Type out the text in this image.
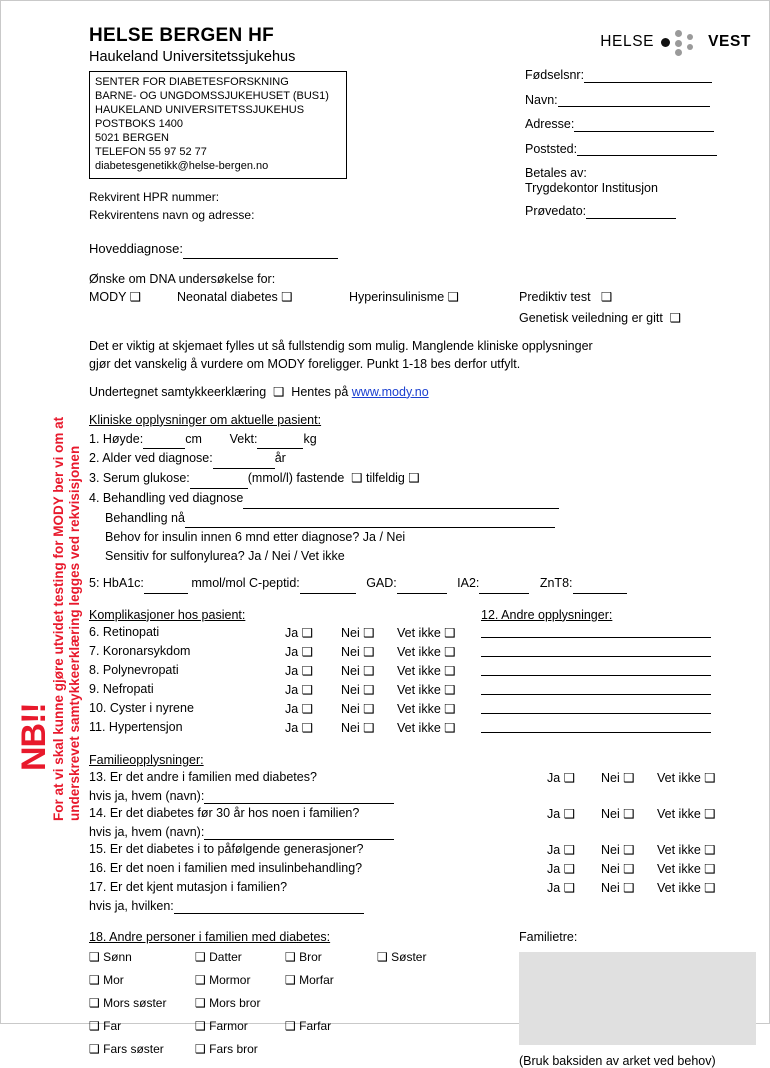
NB!!
For at vi skal kunne gjøre utvidet testing for MODY ber vi om at underskrevet samtykkeerklæring legges ved rekvisisjonen
HELSE	VEST
HELSE BERGEN HF
Haukeland Universitetssjukehus
SENTER FOR DIABETESFORSKNING
BARNE- OG UNGDOMSSJUKEHUSET (BUS1)
HAUKELAND UNIVERSITETSSJUKEHUS
POSTBOKS 1400
5021 BERGEN
TELEFON 55 97 52 77
diabetesgenetikk@helse-bergen.no
Fødselsnr:
Navn:
Adresse:
Poststed:
Betales av:
Trygdekontor Institusjon
Prøvedato:
Rekvirent HPR nummer:
Rekvirentens navn og adresse:
Hoveddiagnose:
Ønske om DNA undersøkelse for:
MODY ❑	Neonatal diabetes ❑	Hyperinsulinisme ❑	Prediktiv test ❑
Genetisk veiledning er gitt ❑
Det er viktig at skjemaet fylles ut så fullstendig som mulig. Manglende kliniske opplysninger
gjør det vanskelig å vurdere om MODY foreligger. Punkt 1-18 bes derfor utfylt.
Undertegnet samtykkeerklæring ❑ Hentes på www.mody.no
Kliniske opplysninger om aktuelle pasient:
1. Høyde:	cm Vekt:	kg
2. Alder ved diagnose:	år
3. Serum glukose:	(mmol/l) fastende ❑ tilfeldig ❑
4. Behandling ved diagnose
Behandling nå
Behov for insulin innen 6 mnd etter diagnose? Ja / Nei
Sensitiv for sulfonylurea? Ja / Nei / Vet ikke
5: HbA1c:	mmol/mol C-peptid:	GAD:	IA2:	ZnT8:
Komplikasjoner hos pasient:	12. Andre opplysninger:
6. Retinopati	Ja ❑ Nei ❑ Vet ikke ❑
7. Koronarsykdom	Ja ❑ Nei ❑ Vet ikke ❑
8. Polynevropati	Ja ❑ Nei ❑ Vet ikke ❑
9. Nefropati	Ja ❑ Nei ❑ Vet ikke ❑
10. Cyster i nyrene	Ja ❑ Nei ❑ Vet ikke ❑
11. Hypertensjon	Ja ❑ Nei ❑ Vet ikke ❑
Familieopplysninger:
13. Er det andre i familien med diabetes?	Ja ❑ Nei ❑ Vet ikke ❑
hvis ja, hvem (navn):
14. Er det diabetes før 30 år hos noen i familien?	Ja ❑ Nei ❑ Vet ikke ❑
hvis ja, hvem (navn):
15. Er det diabetes i to påfølgende generasjoner?	Ja ❑ Nei ❑ Vet ikke ❑
16. Er det noen i familien med insulinbehandling?	Ja ❑ Nei ❑ Vet ikke ❑
17. Er det kjent mutasjon i familien?	Ja ❑ Nei ❑ Vet ikke ❑
hvis ja, hvilken:
18. Andre personer i familien med diabetes:	Familietre:
(Bruk baksiden av arket ved behov)
❑ Sønn	❑ Datter	❑ Bror	❑ Søster
❑ Mor	❑ Mormor	❑ Morfar
❑ Mors søster ❑ Mors bror
❑ Far	❑ Farmor	❑ Farfar
❑ Fars søster	❑ Fars bror
